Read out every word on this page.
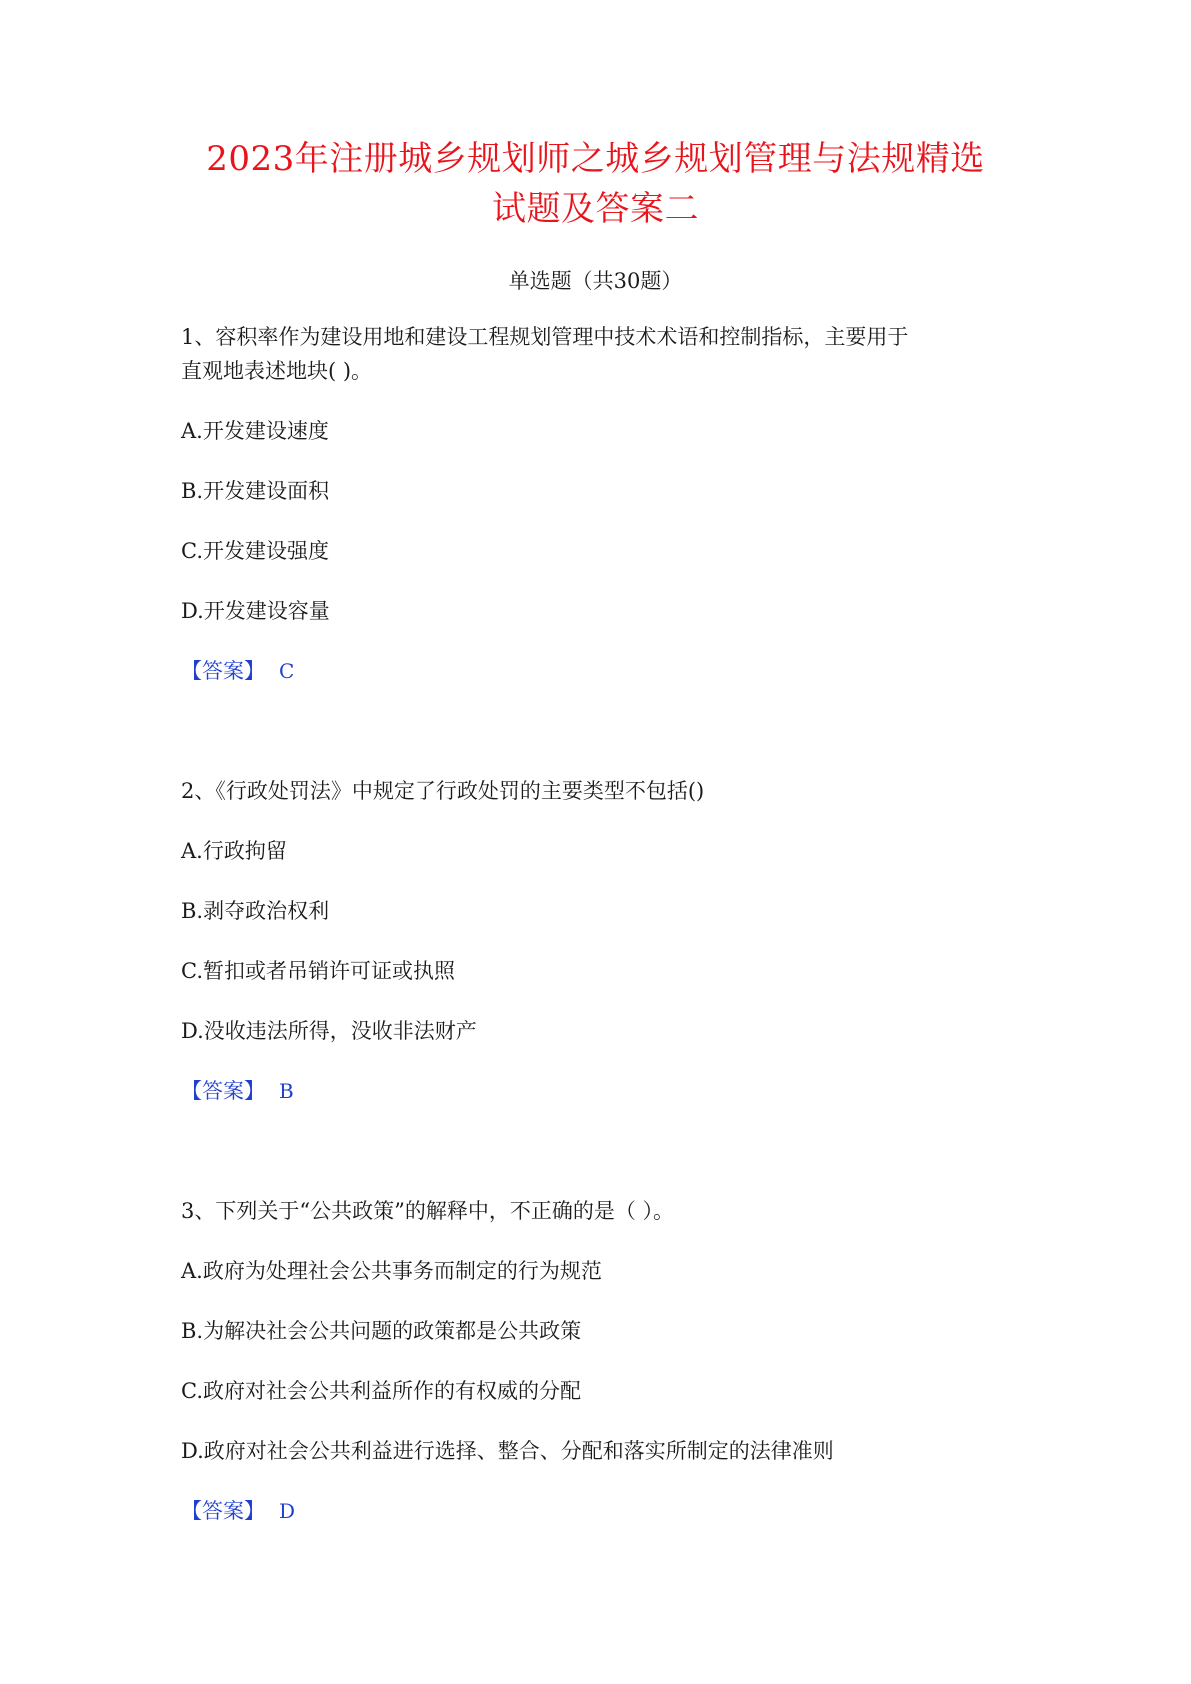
2023年注册城乡规划师之城乡规划管理与法规精选
试题及答案二
单选题（共30题）
1、容积率作为建设用地和建设工程规划管理中技术术语和控制指标，主要用于
直观地表述地块( )。
A.开发建设速度
B.开发建设面积
C.开发建设强度
D.开发建设容量
【答案】 C
2、《行政处罚法》中规定了行政处罚的主要类型不包括()
A.行政拘留
B.剥夺政治权利
C.暂扣或者吊销许可证或执照
D.没收违法所得，没收非法财产
【答案】 B
3、下列关于“公共政策”的解释中，不正确的是（ ）。
A.政府为处理社会公共事务而制定的行为规范
B.为解决社会公共问题的政策都是公共政策
C.政府对社会公共利益所作的有权威的分配
D.政府对社会公共利益进行选择、整合、分配和落实所制定的法律准则
【答案】 D
